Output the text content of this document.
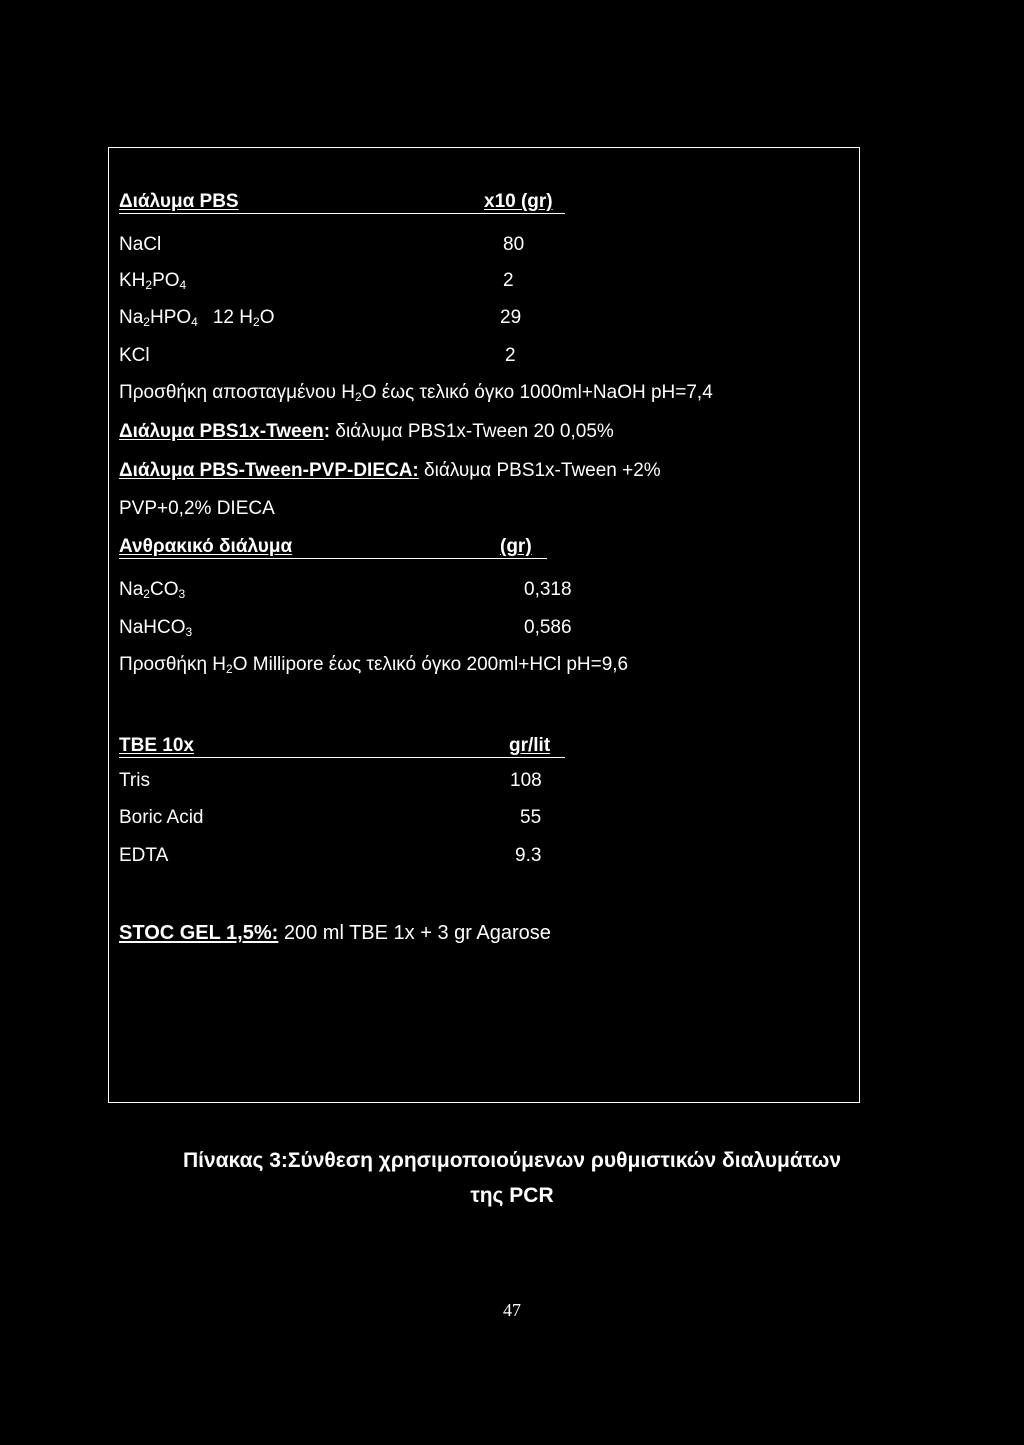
Διάλυμα PBS	x10 (gr)
NaCl	80
$KH_2PO_4$	2
$Na_2HPO_4$ 12 $H_2O$	29
KCl	2
Προσθήκη αποσταγμένου $H_2O$ έως τελικό όγκο 1000ml+NaOH pH=7,4
Διάλυμα PBS1x-Tween: διάλυμα PBS1x-Tween 20 0,05%
Διάλυμα PBS-Tween-PVP-DIECA: διάλυμα PBS1x-Tween +2%
PVP+0,2% DIECA
Ανθρακικό διάλυμα	(gr)
$Na_2CO_3$	0,318
NaHCO$_3$	0,586
Προσθήκη $H_2O$ Millipore έως τελικό όγκο 200ml+HCl pH=9,6
TBE 10x	gr/lit
Tris	108
Boric Acid	55
EDTA	9.3
STOC GEL 1,5%: 200 ml TBE 1x + 3 gr Agarose
Πίνακας 3:Σύνθεση χρησιμοποιούμενων ρυθμιστικών διαλυμάτων
της PCR
47
